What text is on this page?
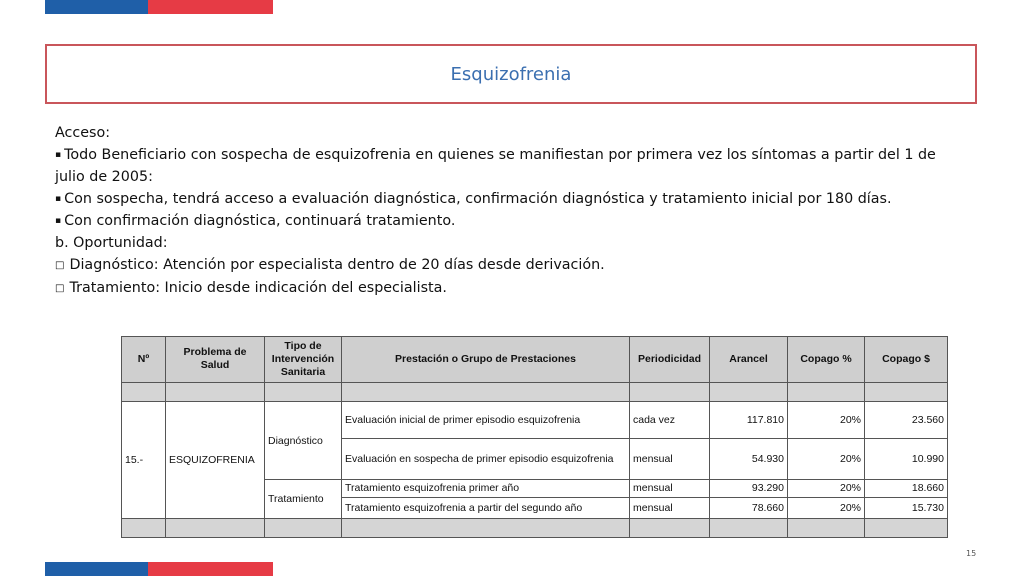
Esquizofrenia

Acceso:

▪ Todo Beneficiario con sospecha de esquizofrenia en quienes se manifiestan por primera vez los síntomas a partir del 1 de julio de 2005:

▪ Con sospecha, tendrá acceso a evaluación diagnóstica, confirmación diagnóstica y tratamiento inicial por 180 días.

▪ Con confirmación diagnóstica, continuará tratamiento.

b. Oportunidad:

□ Diagnóstico: Atención por especialista dentro de 20 días desde derivación.

□ Tratamiento: Inicio desde indicación del especialista.

Nº	Problema de Salud	Tipo de Intervención Sanitaria	Prestación o Grupo de Prestaciones	Periodicidad	Arancel	Copago %	Copago $

15.-	ESQUIZOFRENIA	Diagnóstico	Evaluación inicial de primer episodio esquizofrenia	cada vez	117.810	20%	23.560
			Evaluación en sospecha de primer episodio esquizofrenia	mensual	54.930	20%	10.990
		Tratamiento	Tratamiento esquizofrenia primer año	mensual	93.290	20%	18.660
			Tratamiento esquizofrenia a partir del segundo año	mensual	78.660	20%	15.730

15
